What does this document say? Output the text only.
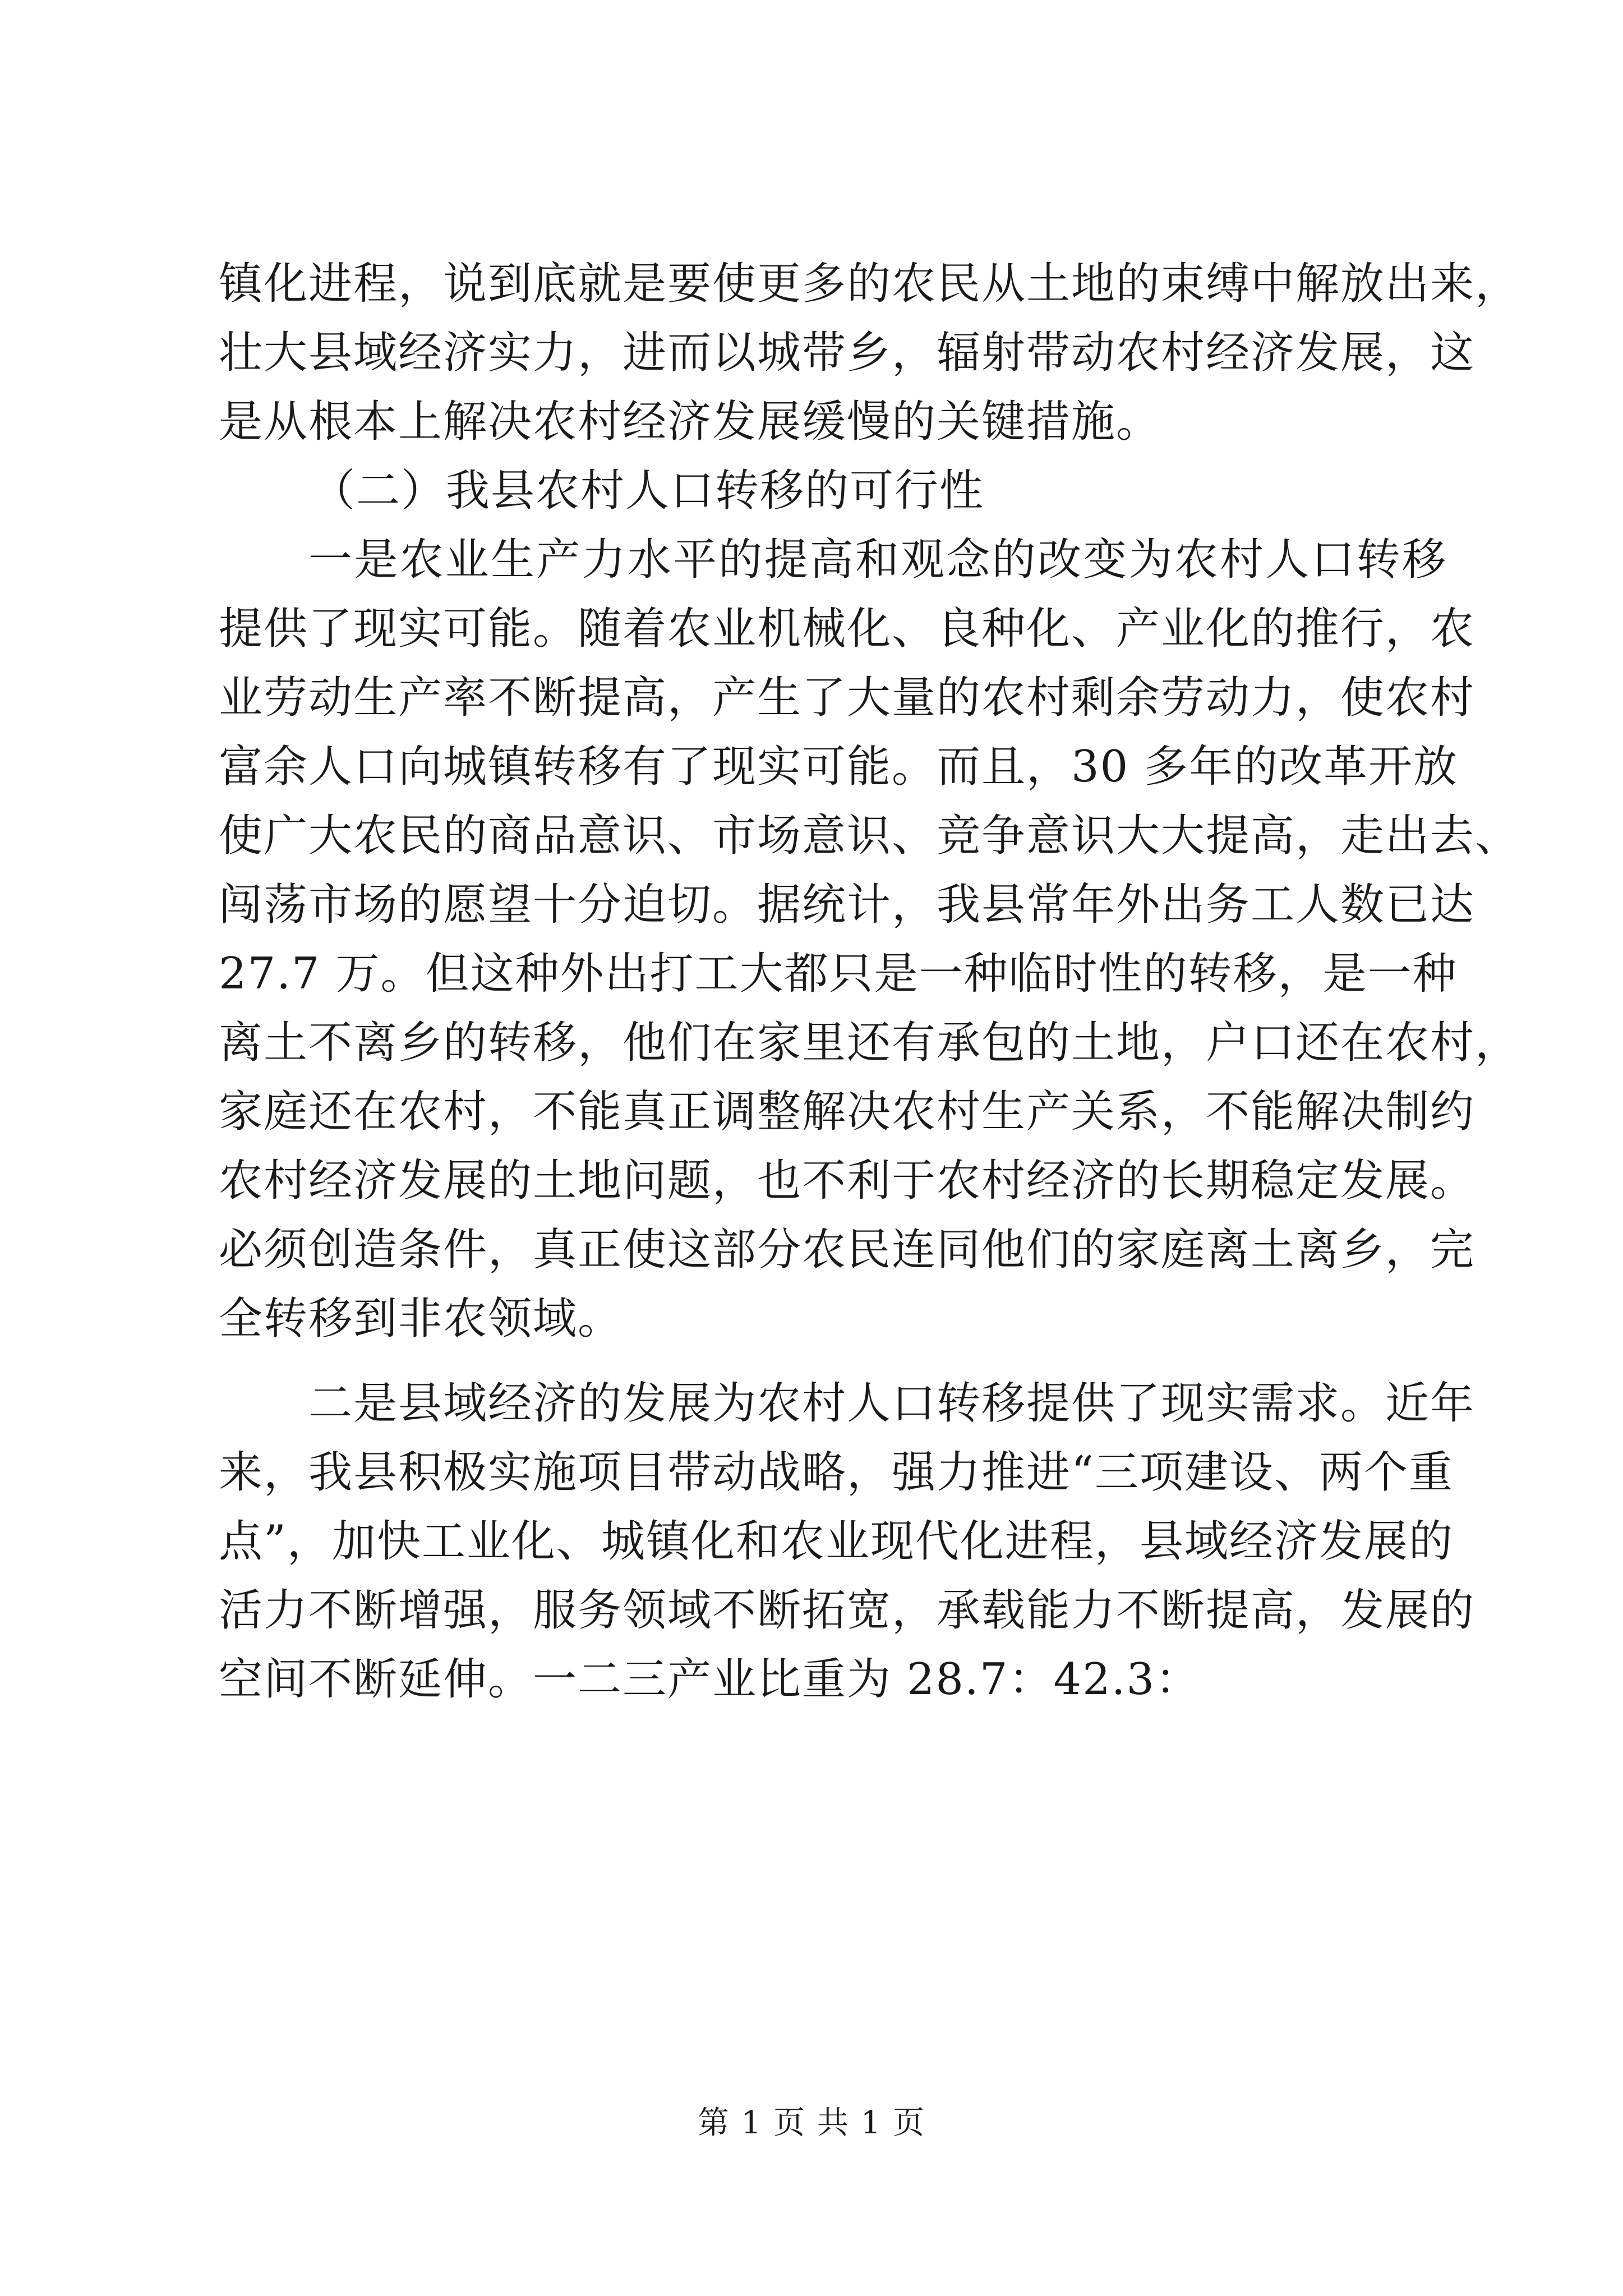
镇化进程，说到底就是要使更多的农民从土地的束缚中解放出来，
壮大县域经济实力，进而以城带乡，辐射带动农村经济发展，这
是从根本上解决农村经济发展缓慢的关键措施。
（二）我县农村人口转移的可行性
一是农业生产力水平的提高和观念的改变为农村人口转移
提供了现实可能。随着农业机械化、良种化、产业化的推行，农
业劳动生产率不断提高，产生了大量的农村剩余劳动力，使农村
富余人口向城镇转移有了现实可能。而且，30 多年的改革开放
使广大农民的商品意识、市场意识、竞争意识大大提高，走出去、
闯荡市场的愿望十分迫切。据统计，我县常年外出务工人数已达
27.7 万。但这种外出打工大都只是一种临时性的转移，是一种
离土不离乡的转移，他们在家里还有承包的土地，户口还在农村，
家庭还在农村，不能真正调整解决农村生产关系，不能解决制约
农村经济发展的土地问题，也不利于农村经济的长期稳定发展。
必须创造条件，真正使这部分农民连同他们的家庭离土离乡，完
全转移到非农领域。
二是县域经济的发展为农村人口转移提供了现实需求。近年
来，我县积极实施项目带动战略，强力推进“三项建设、两个重
点”，加快工业化、城镇化和农业现代化进程，县域经济发展的
活力不断增强，服务领域不断拓宽，承载能力不断提高，发展的
空间不断延伸。一二三产业比重为 28.7：42.3：
第 1 页 共 1 页
